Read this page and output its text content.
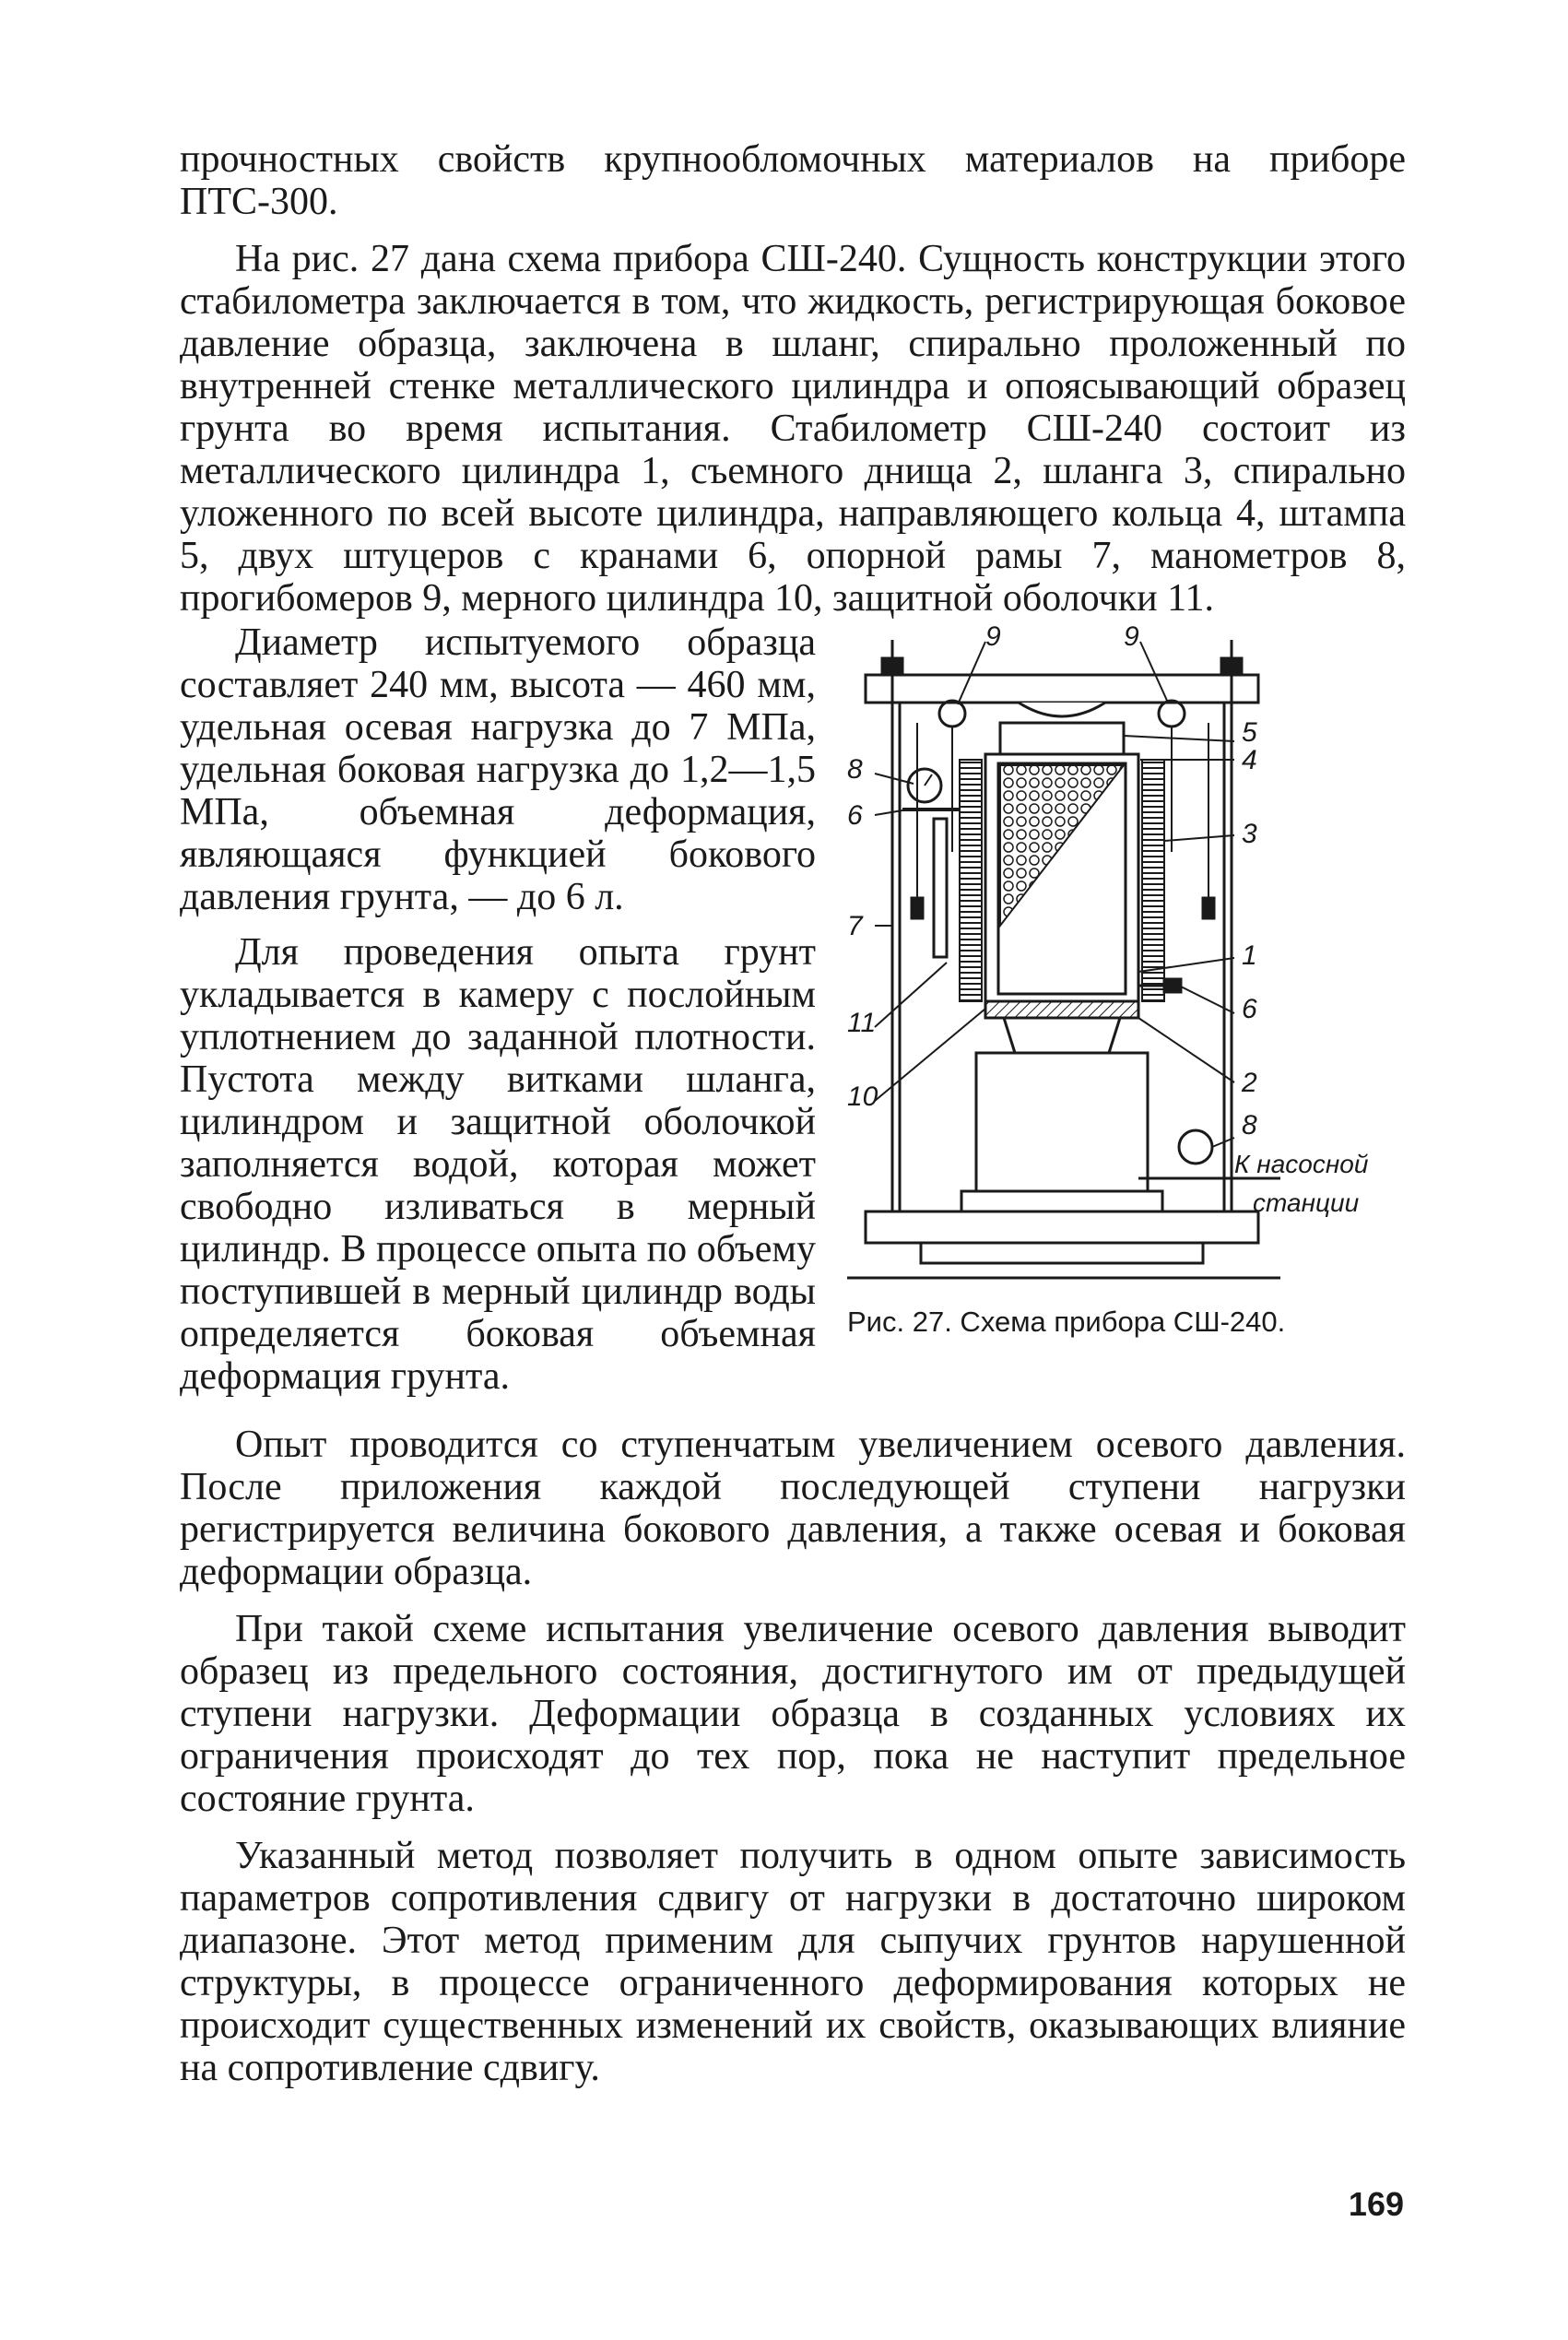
прочностных свойств крупнообломочных материалов на приборе ПТС-300.

На рис. 27 дана схема прибора СШ-240. Сущность конструкции этого стабилометра заключается в том, что жидкость, регистрирующая боковое давление образца, заключена в шланг, спирально проложенный по внутренней стенке металлического цилиндра и опоясывающий образец грунта во время испытания. Стабилометр СШ-240 состоит из металлического цилиндра 1, съемного днища 2, шланга 3, спирально уложенного по всей высоте цилиндра, направляющего кольца 4, штампа 5, двух штуцеров с кранами 6, опорной рамы 7, манометров 8, прогибомеров 9, мерного цилиндра 10, защитной оболочки 11.

Диаметр испытуемого образца составляет 240 мм, высота — 460 мм, удельная осевая нагрузка до 7 МПа, удельная боковая нагрузка до 1,2—1,5 МПа, объемная деформация, являющаяся функцией бокового давления грунта, — до 6 л.

Для проведения опыта грунт укладывается в камеру с послойным уплотнением до заданной плотности. Пустота между витками шланга, цилиндром и защитной оболочкой заполняется водой, которая может свободно изливаться в мерный цилиндр. В процессе опыта по объему поступившей в мерный цилиндр воды определяется боковая объемная деформация грунта.

9	9
5
4
8
6
3
7
1
11	6
10	2
8
К насосной
станции
Рис. 27. Схема прибора СШ-240.

Опыт проводится со ступенчатым увеличением осевого давления. После приложения каждой последующей ступени нагрузки регистрируется величина бокового давления, а также осевая и боковая деформации образца.

При такой схеме испытания увеличение осевого давления выводит образец из предельного состояния, достигнутого им от предыдущей ступени нагрузки. Деформации образца в созданных условиях их ограничения происходят до тех пор, пока не наступит предельное состояние грунта.

Указанный метод позволяет получить в одном опыте зависимость параметров сопротивления сдвигу от нагрузки в достаточно широком диапазоне. Этот метод применим для сыпучих грунтов нарушенной структуры, в процессе ограниченного деформирования которых не происходит существенных изменений их свойств, оказывающих влияние на сопротивление сдвигу.

169
